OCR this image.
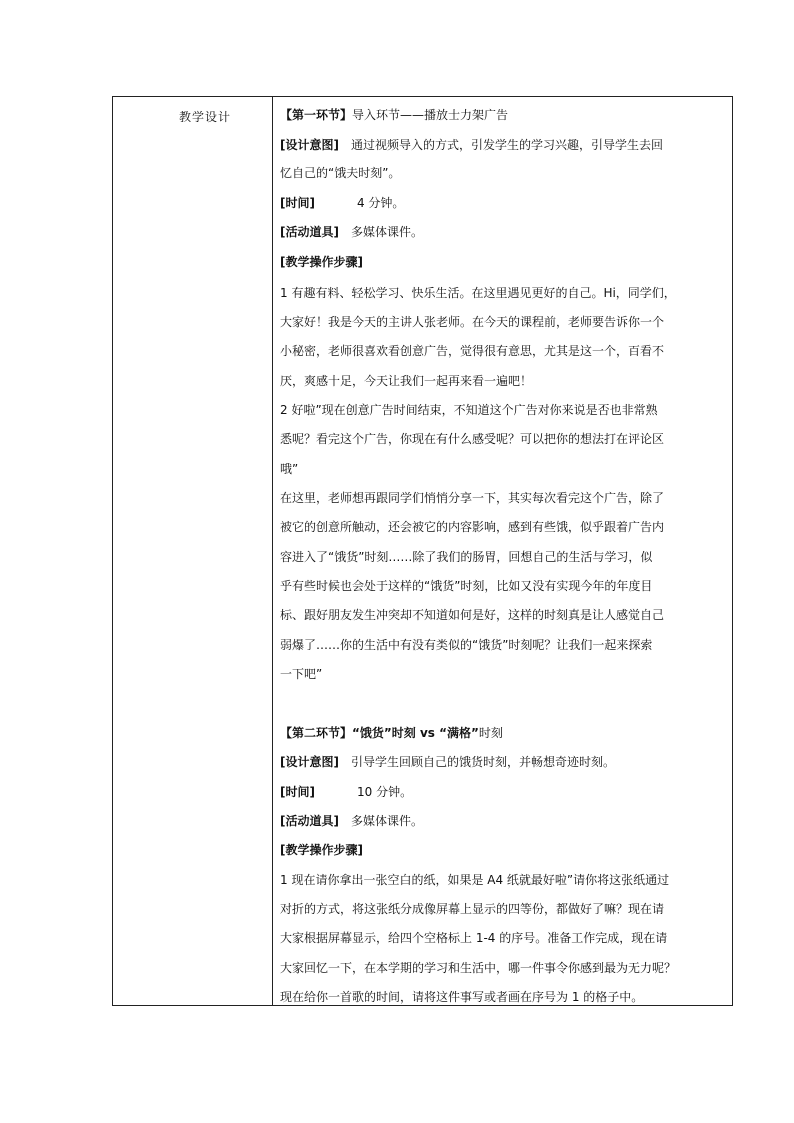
教学设计	【第一环节】导入环节——播放士力架广告
[设计意图] 通过视频导入的方式，引发学生的学习兴趣，引导学生去回
忆自己的“饿夫时刻”。
[时间]	4 分钟。
[活动道具] 多媒体课件。
[教学操作步骤]
1 有趣有料、轻松学习、快乐生活。在这里遇见更好的自己。Hi，同学们，
大家好！我是今天的主讲人张老师。在今天的课程前，老师要告诉你一个
小秘密，老师很喜欢看创意广告，觉得很有意思，尤其是这一个，百看不
厌，爽感十足，今天让我们一起再来看一遍吧！
2 好啦”现在创意广告时间结束，不知道这个广告对你来说是否也非常熟
悉呢？看完这个广告，你现在有什么感受呢？可以把你的想法打在评论区
哦”
在这里，老师想再跟同学们悄悄分享一下，其实每次看完这个广告，除了
被它的创意所触动，还会被它的内容影响，感到有些饿，似乎跟着广告内
容进入了“饿货”时刻……除了我们的肠胃，回想自己的生活与学习，似
乎有些时候也会处于这样的“饿货”时刻，比如又没有实现今年的年度目
标、跟好朋友发生冲突却不知道如何是好，这样的时刻真是让人感觉自己
弱爆了……你的生活中有没有类似的“饿货”时刻呢？让我们一起来探索
一下吧”
【第二环节】“饿货”时刻 vs “满格”时刻
[设计意图] 引导学生回顾自己的饿货时刻，并畅想奇迹时刻。
[时间]	10 分钟。
[活动道具] 多媒体课件。
[教学操作步骤]
1 现在请你拿出一张空白的纸，如果是 A4 纸就最好啦”请你将这张纸通过
对折的方式，将这张纸分成像屏幕上显示的四等份，都做好了嘛？现在请
大家根据屏幕显示，给四个空格标上 1-4 的序号。准备工作完成，现在请
大家回忆一下，在本学期的学习和生活中，哪一件事令你感到最为无力呢？
现在给你一首歌的时间，请将这件事写或者画在序号为 1 的格子中。
